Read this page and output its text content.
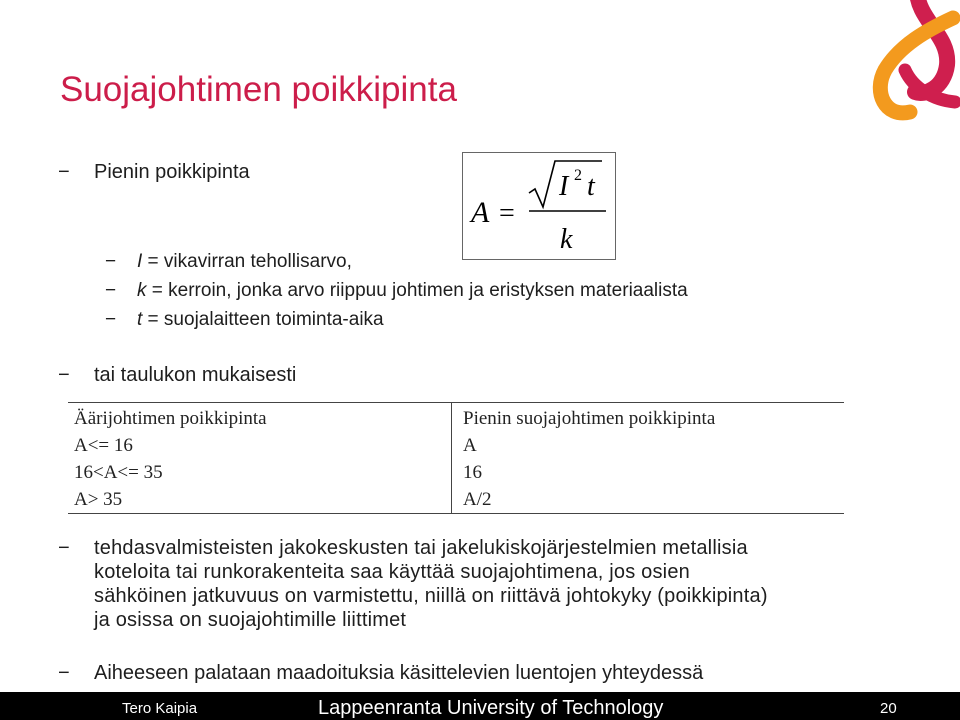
Suojajohtimen poikkipinta
− Pienin poikkipinta
A =
I 2 t
k
− I = vikavirran tehollisarvo,
− k = kerroin, jonka arvo riippuu johtimen ja eristyksen materiaalista
− t = suojalaitteen toiminta-aika
− tai taulukon mukaisesti
Äärijohtimen poikkipinta	Pienin suojajohtimen poikkipinta
A<= 16	A
16<A<= 35	16
A> 35	A/2
− tehdasvalmisteisten jakokeskusten tai jakelukiskojärjestelmien metallisia
koteloita tai runkorakenteita saa käyttää suojajohtimena, jos osien
sähköinen jatkuvuus on varmistettu, niillä on riittävä johtokyky (poikkipinta)
ja osissa on suojajohtimille liittimet
− Aiheeseen palataan maadoituksia käsittelevien luentojen yhteydessä
Tero Kaipia	Lappeenranta University of Technology	20
